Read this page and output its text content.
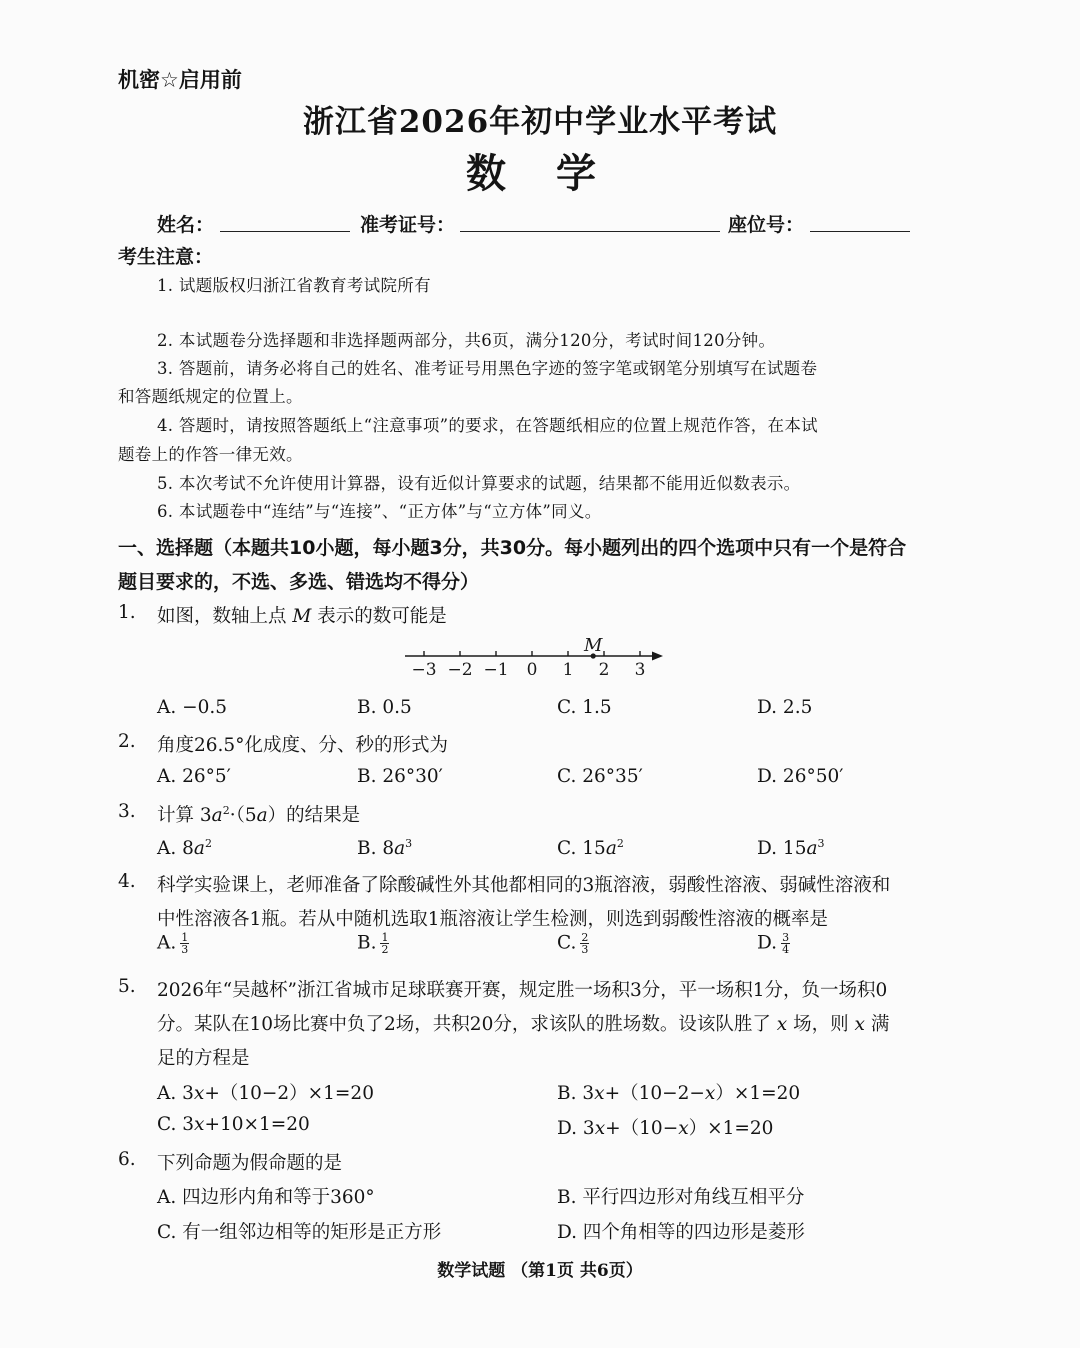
机密☆启用前
浙江省2026年初中学业水平考试
数 学
姓名：	准考证号：	座位号：
考生注意：
1. 试题版权归浙江省教育考试院所有
2. 本试题卷分选择题和非选择题两部分，共6页，满分120分，考试时间120分钟。
3. 答题前，请务必将自己的姓名、准考证号用黑色字迹的签字笔或钢笔分别填写在试题卷
和答题纸规定的位置上。
4. 答题时，请按照答题纸上“注意事项”的要求，在答题纸相应的位置上规范作答，在本试
题卷上的作答一律无效。
5. 本次考试不允许使用计算器，设有近似计算要求的试题，结果都不能用近似数表示。
6. 本试题卷中“连结”与“连接”、“正方体”与“立方体”同义。
一、选择题（本题共10小题，每小题3分，共30分。每小题列出的四个选项中只有一个是符合
题目要求的，不选、多选、错选均不得分）
1. 如图，数轴上点 M 表示的数可能是
−3 −2 −1 0 1 2 3
M
A. −0.5	B. 0.5	C. 1.5	D. 2.5
2. 角度26.5°化成度、分、秒的形式为
A. 26°5′	B. 26°30′	C. 26°35′	D. 26°50′
3. 计算 $3a^2\cdot(5a)$的结果是
A. $8a^2$	B. $8a^3$	C. $15a^2$	D. $15a^3$
4. 科学实验课上，老师准备了除酸碱性外其他都相同的3瓶溶液，弱酸性溶液、弱碱性溶液和
中性溶液各1瓶。若从中随机选取1瓶溶液让学生检测，则选到弱酸性溶液的概率是
A. $\frac{1}{3}$	B. $\frac{1}{2}$	C. $\frac{2}{3}$	D. $\frac{3}{4}$
5. 2026年“吴越杯”浙江省城市足球联赛开赛，规定胜一场积3分，平一场积1分，负一场积0
分。某队在10场比赛中负了2场，共积20分，求该队的胜场数。设该队胜了 x 场，则 x 满
足的方程是
A. 3x+（10−2）×1=20	B. 3x+（10−2−x）×1=20
C. 3x+10×1=20	D. 3x+（10−x）×1=20
6. 下列命题为假命题的是
A. 四边形内角和等于360°	B. 平行四边形对角线互相平分
C. 有一组邻边相等的矩形是正方形	D. 四个角相等的四边形是菱形
数学试题 （第1页 共6页）
